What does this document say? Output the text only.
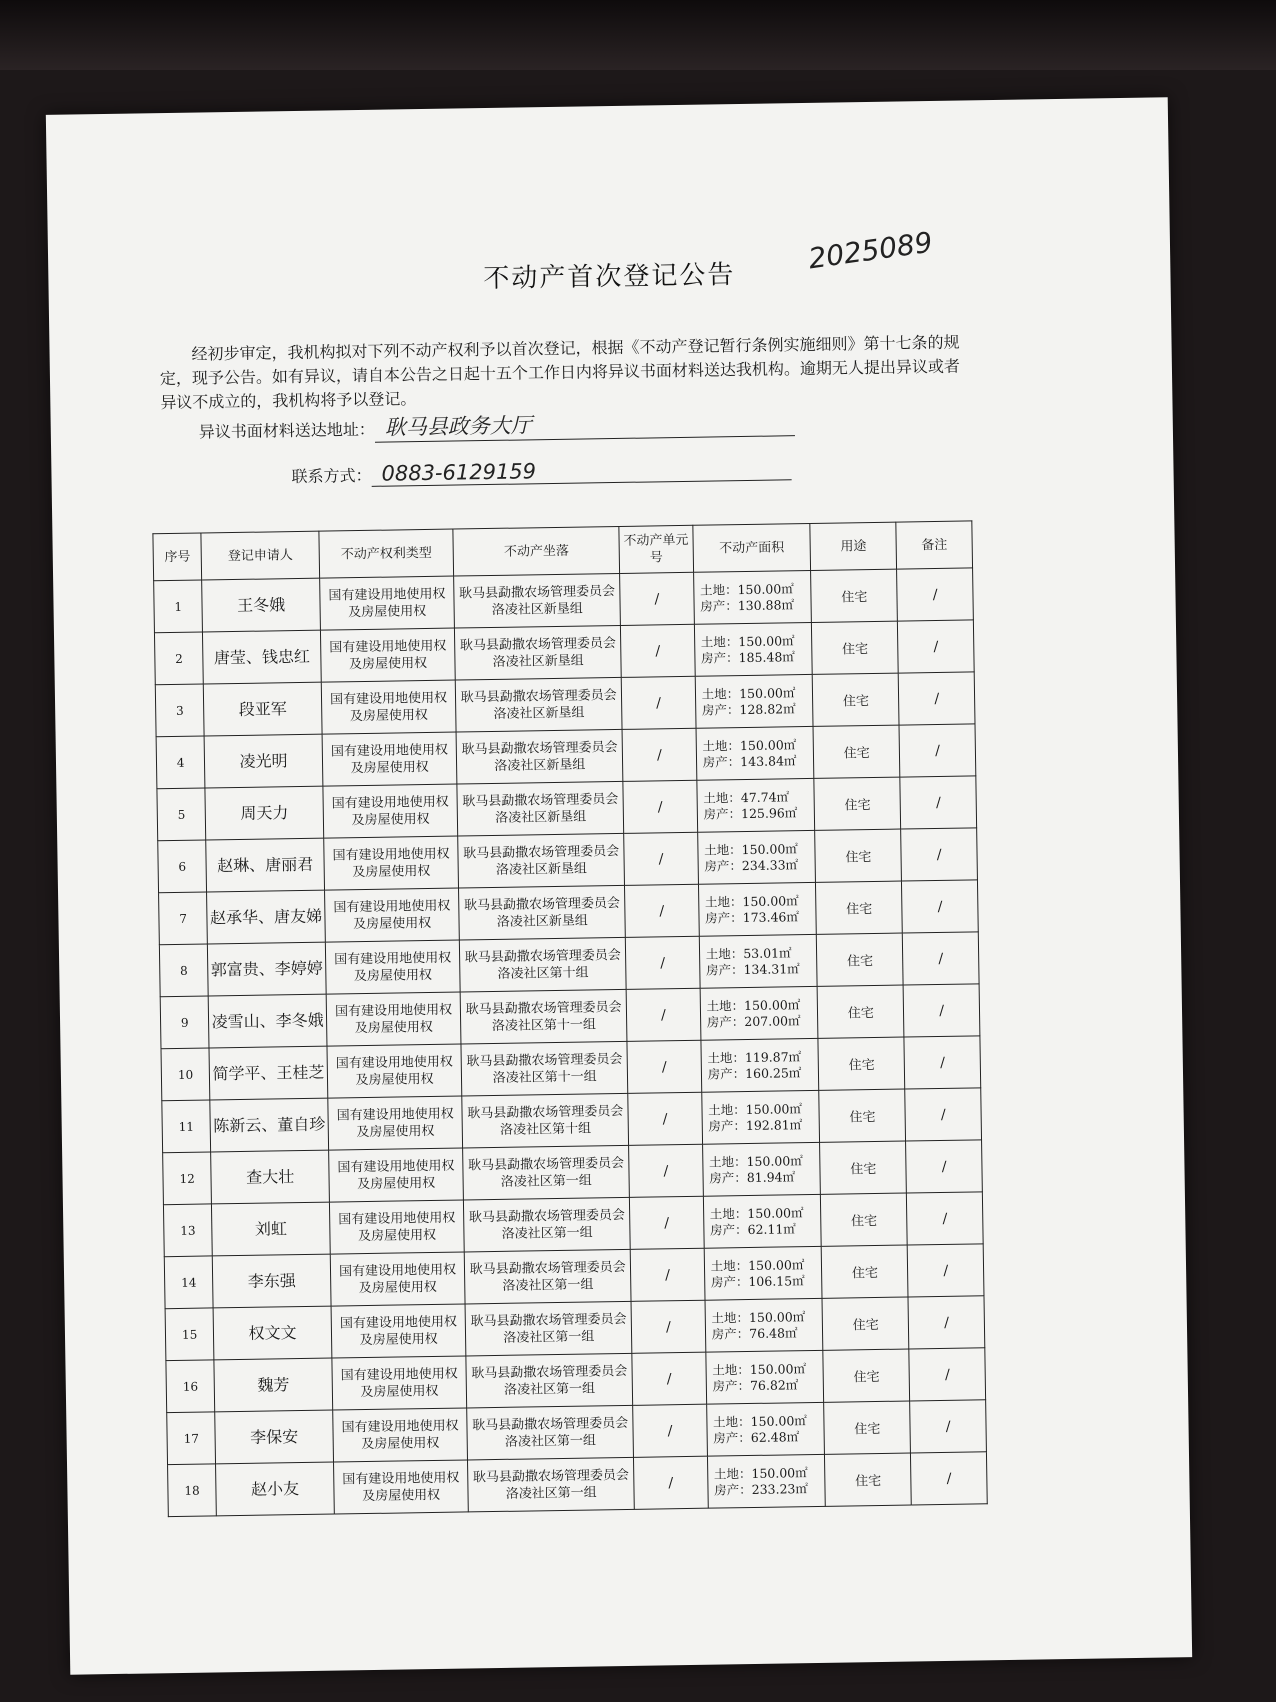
不动产首次登记公告
2025089
经初步审定，我机构拟对下列不动产权利予以首次登记，根据《不动产登记暂行条例实施细则》第十七条的规定，现予公告。如有异议，请自本公告之日起十五个工作日内将异议书面材料送达我机构。逾期无人提出异议或者异议不成立的，我机构将予以登记。
异议书面材料送达地址： 耿马县政务大厅
联系方式： 0883-6129159
序号	登记申请人	不动产权利类型	不动产坐落	不动产单元号	不动产面积	用途	备注
1	王冬娥	国有建设用地使用权及房屋使用权	耿马县勐撒农场管理委员会洛凌社区新垦组	/	土地：150.00㎡
房产：130.88㎡	住宅	/
2	唐莹、钱忠红	国有建设用地使用权及房屋使用权	耿马县勐撒农场管理委员会洛凌社区新垦组	/	土地：150.00㎡
房产：185.48㎡	住宅	/
3	段亚军	国有建设用地使用权及房屋使用权	耿马县勐撒农场管理委员会洛凌社区新垦组	/	土地：150.00㎡
房产：128.82㎡	住宅	/
4	凌光明	国有建设用地使用权及房屋使用权	耿马县勐撒农场管理委员会洛凌社区新垦组	/	土地：150.00㎡
房产：143.84㎡	住宅	/
5	周天力	国有建设用地使用权及房屋使用权	耿马县勐撒农场管理委员会洛凌社区新垦组	/	土地：47.74㎡
房产：125.96㎡	住宅	/
6	赵琳、唐丽君	国有建设用地使用权及房屋使用权	耿马县勐撒农场管理委员会洛凌社区新垦组	/	土地：150.00㎡
房产：234.33㎡	住宅	/
7	赵承华、唐友娣	国有建设用地使用权及房屋使用权	耿马县勐撒农场管理委员会洛凌社区新垦组	/	土地：150.00㎡
房产：173.46㎡	住宅	/
8	郭富贵、李婷婷	国有建设用地使用权及房屋使用权	耿马县勐撒农场管理委员会洛凌社区第十组	/	土地：53.01㎡
房产：134.31㎡	住宅	/
9	凌雪山、李冬娥	国有建设用地使用权及房屋使用权	耿马县勐撒农场管理委员会洛凌社区第十一组	/	土地：150.00㎡
房产：207.00㎡	住宅	/
10	简学平、王桂芝	国有建设用地使用权及房屋使用权	耿马县勐撒农场管理委员会洛凌社区第十一组	/	土地：119.87㎡
房产：160.25㎡	住宅	/
11	陈新云、董自珍	国有建设用地使用权及房屋使用权	耿马县勐撒农场管理委员会洛凌社区第十组	/	土地：150.00㎡
房产：192.81㎡	住宅	/
12	查大壮	国有建设用地使用权及房屋使用权	耿马县勐撒农场管理委员会洛凌社区第一组	/	土地：150.00㎡
房产：81.94㎡	住宅	/
13	刘虹	国有建设用地使用权及房屋使用权	耿马县勐撒农场管理委员会洛凌社区第一组	/	土地：150.00㎡
房产：62.11㎡	住宅	/
14	李东强	国有建设用地使用权及房屋使用权	耿马县勐撒农场管理委员会洛凌社区第一组	/	土地：150.00㎡
房产：106.15㎡	住宅	/
15	权文文	国有建设用地使用权及房屋使用权	耿马县勐撒农场管理委员会洛凌社区第一组	/	土地：150.00㎡
房产：76.48㎡	住宅	/
16	魏芳	国有建设用地使用权及房屋使用权	耿马县勐撒农场管理委员会洛凌社区第一组	/	土地：150.00㎡
房产：76.82㎡	住宅	/
17	李保安	国有建设用地使用权及房屋使用权	耿马县勐撒农场管理委员会洛凌社区第一组	/	土地：150.00㎡
房产：62.48㎡	住宅	/
18	赵小友	国有建设用地使用权及房屋使用权	耿马县勐撒农场管理委员会洛凌社区第一组	/	土地：150.00㎡
房产：233.23㎡	住宅	/
